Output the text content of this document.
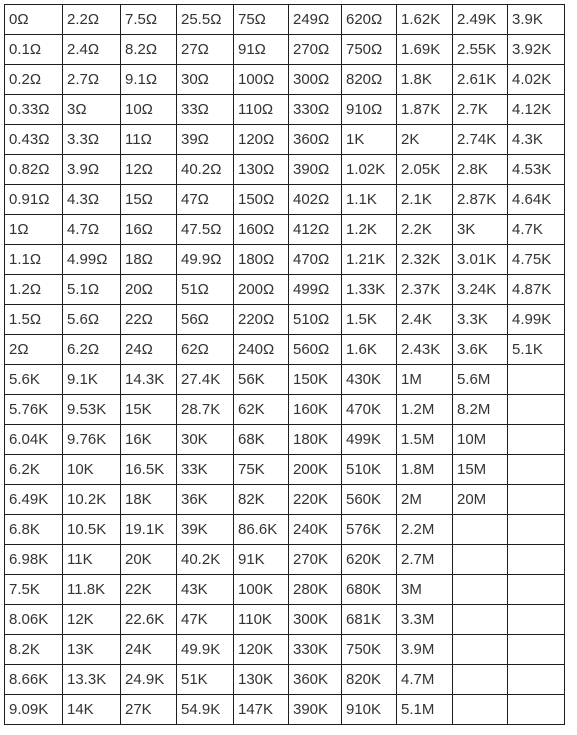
0Ω	2.2Ω	7.5Ω	25.5Ω	75Ω	249Ω	620Ω	1.62K	2.49K	3.9K
0.1Ω	2.4Ω	8.2Ω	27Ω	91Ω	270Ω	750Ω	1.69K	2.55K	3.92K
0.2Ω	2.7Ω	9.1Ω	30Ω	100Ω	300Ω	820Ω	1.8K	2.61K	4.02K
0.33Ω	3Ω	10Ω	33Ω	110Ω	330Ω	910Ω	1.87K	2.7K	4.12K
0.43Ω	3.3Ω	11Ω	39Ω	120Ω	360Ω	1K	2K	2.74K	4.3K
0.82Ω	3.9Ω	12Ω	40.2Ω	130Ω	390Ω	1.02K	2.05K	2.8K	4.53K
0.91Ω	4.3Ω	15Ω	47Ω	150Ω	402Ω	1.1K	2.1K	2.87K	4.64K
1Ω	4.7Ω	16Ω	47.5Ω	160Ω	412Ω	1.2K	2.2K	3K	4.7K
1.1Ω	4.99Ω	18Ω	49.9Ω	180Ω	470Ω	1.21K	2.32K	3.01K	4.75K
1.2Ω	5.1Ω	20Ω	51Ω	200Ω	499Ω	1.33K	2.37K	3.24K	4.87K
1.5Ω	5.6Ω	22Ω	56Ω	220Ω	510Ω	1.5K	2.4K	3.3K	4.99K
2Ω	6.2Ω	24Ω	62Ω	240Ω	560Ω	1.6K	2.43K	3.6K	5.1K
5.6K	9.1K	14.3K	27.4K	56K	150K	430K	1M	5.6M	
5.76K	9.53K	15K	28.7K	62K	160K	470K	1.2M	8.2M	
6.04K	9.76K	16K	30K	68K	180K	499K	1.5M	10M	
6.2K	10K	16.5K	33K	75K	200K	510K	1.8M	15M	
6.49K	10.2K	18K	36K	82K	220K	560K	2M	20M	
6.8K	10.5K	19.1K	39K	86.6K	240K	576K	2.2M		
6.98K	11K	20K	40.2K	91K	270K	620K	2.7M		
7.5K	11.8K	22K	43K	100K	280K	680K	3M		
8.06K	12K	22.6K	47K	110K	300K	681K	3.3M		
8.2K	13K	24K	49.9K	120K	330K	750K	3.9M		
8.66K	13.3K	24.9K	51K	130K	360K	820K	4.7M		
9.09K	14K	27K	54.9K	147K	390K	910K	5.1M		
